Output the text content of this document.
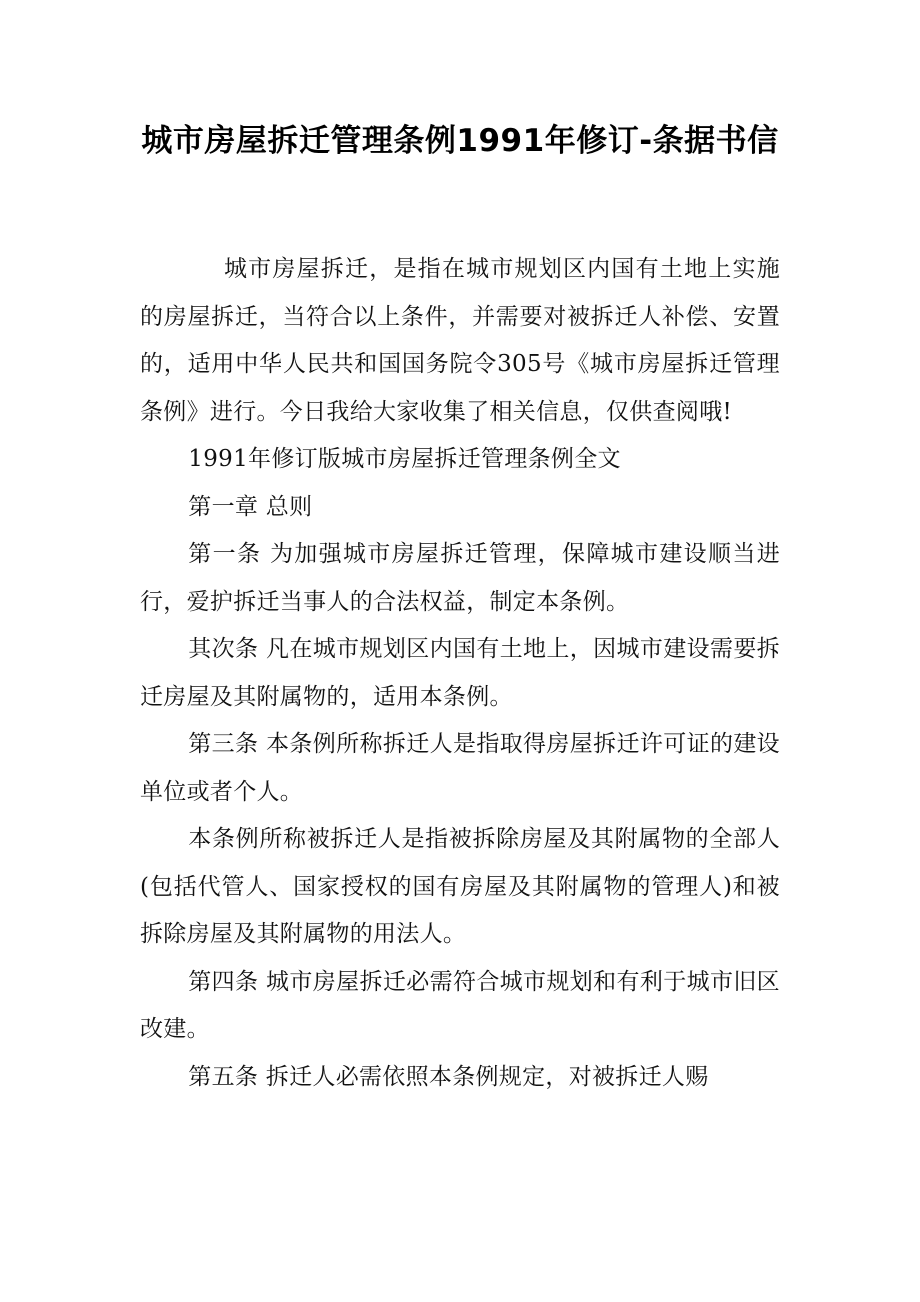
城市房屋拆迁管理条例1991年修订-条据书信

城市房屋拆迁，是指在城市规划区内国有土地上实施的房屋拆迁，当符合以上条件，并需要对被拆迁人补偿、安置的，适用中华人民共和国国务院令305号《城市房屋拆迁管理条例》进行。今日我给大家收集了相关信息，仅供查阅哦!

1991年修订版城市房屋拆迁管理条例全文

第一章 总则

第一条 为加强城市房屋拆迁管理，保障城市建设顺当进行，爱护拆迁当事人的合法权益，制定本条例。

其次条 凡在城市规划区内国有土地上，因城市建设需要拆迁房屋及其附属物的，适用本条例。

第三条 本条例所称拆迁人是指取得房屋拆迁许可证的建设单位或者个人。

本条例所称被拆迁人是指被拆除房屋及其附属物的全部人(包括代管人、国家授权的国有房屋及其附属物的管理人)和被拆除房屋及其附属物的用法人。

第四条 城市房屋拆迁必需符合城市规划和有利于城市旧区改建。

第五条 拆迁人必需依照本条例规定，对被拆迁人赐
